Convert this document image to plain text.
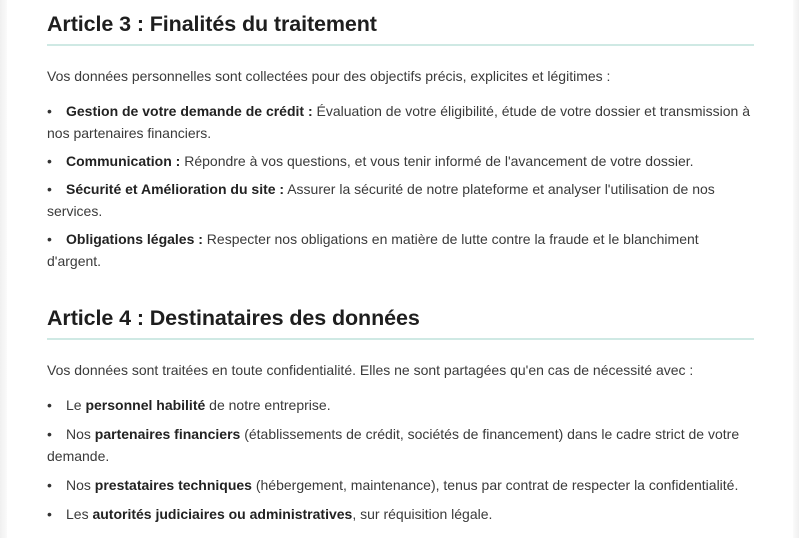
Article 3 : Finalités du traitement

Vos données personnelles sont collectées pour des objectifs précis, explicites et légitimes :

• Gestion de votre demande de crédit : Évaluation de votre éligibilité, étude de votre dossier et transmission à nos partenaires financiers.
• Communication : Répondre à vos questions, et vous tenir informé de l'avancement de votre dossier.
• Sécurité et Amélioration du site : Assurer la sécurité de notre plateforme et analyser l'utilisation de nos services.
• Obligations légales : Respecter nos obligations en matière de lutte contre la fraude et le blanchiment d'argent.
Article 4 : Destinataires des données

Vos données sont traitées en toute confidentialité. Elles ne sont partagées qu'en cas de nécessité avec :

• Le personnel habilité de notre entreprise.
• Nos partenaires financiers (établissements de crédit, sociétés de financement) dans le cadre strict de votre demande.
• Nos prestataires techniques (hébergement, maintenance), tenus par contrat de respecter la confidentialité.
• Les autorités judiciaires ou administratives, sur réquisition légale.
